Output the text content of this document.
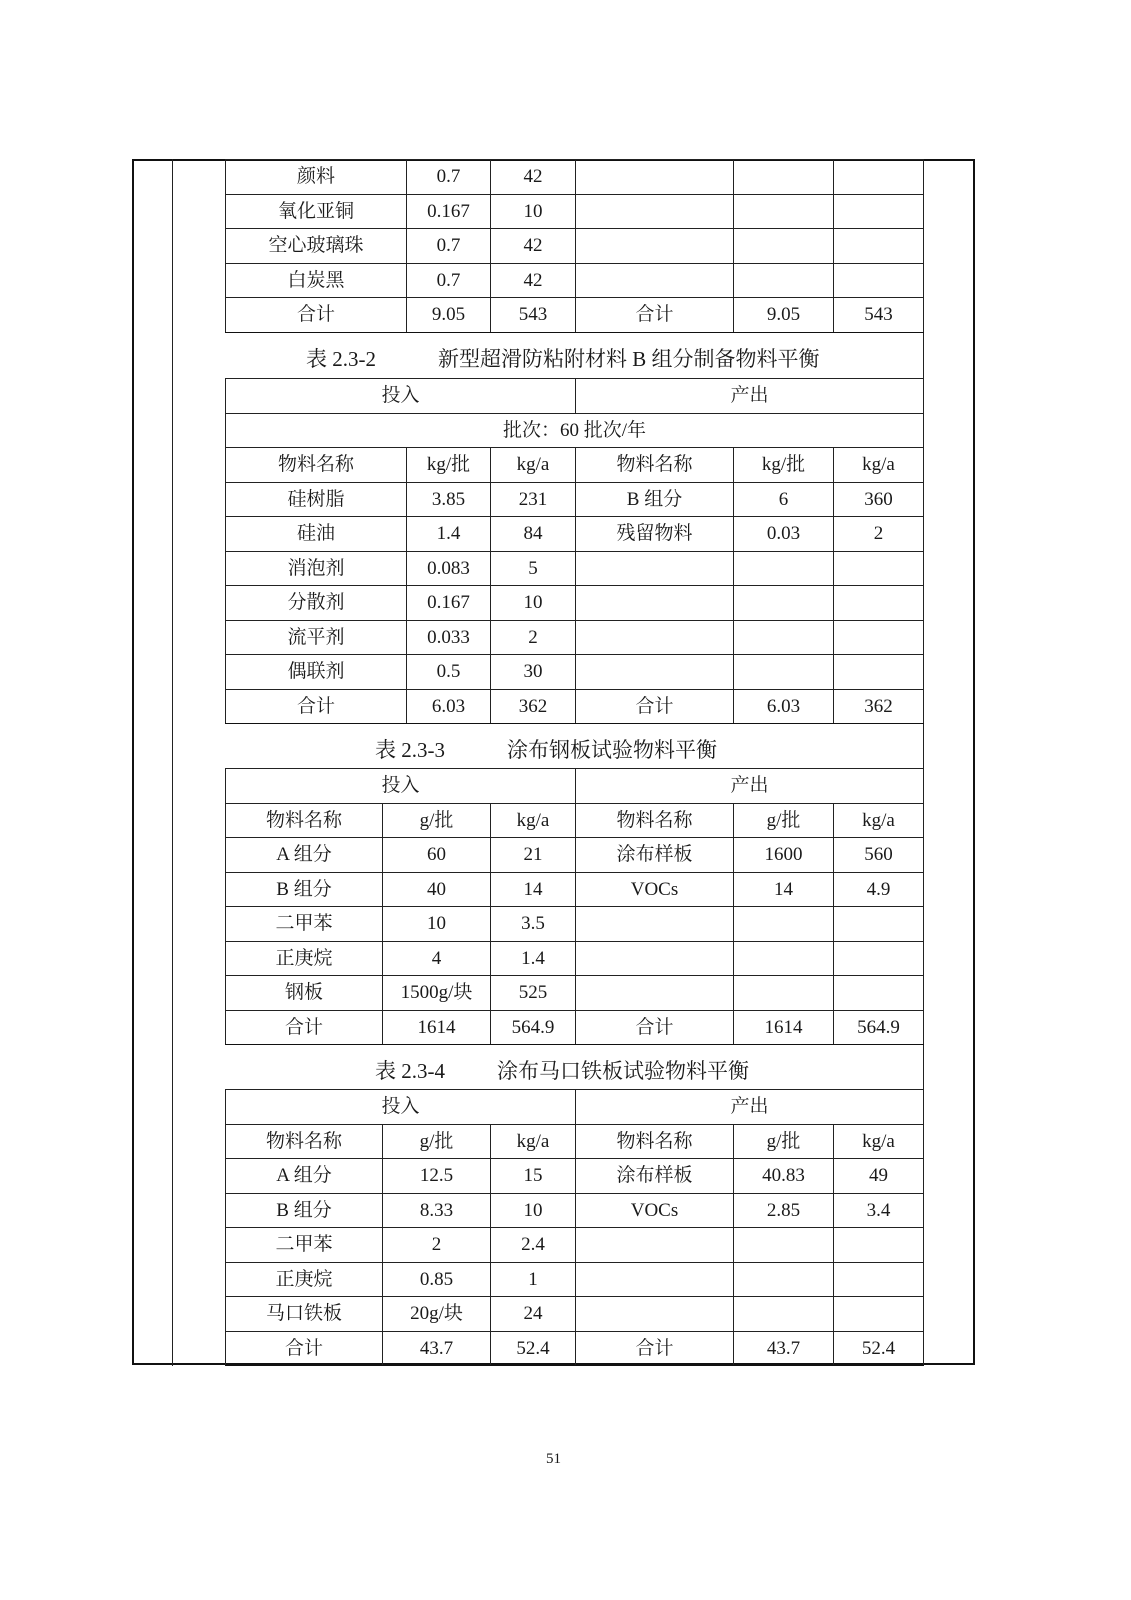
颜料	0.7	42			
氧化亚铜	0.167	10			
空心玻璃珠	0.7	42			
白炭黑	0.7	42			
合计	9.05	543	合计	9.05	543
表 2.3-2	新型超滑防粘附材料 B 组分制备物料平衡
投入			产出		
批次：60 批次/年					
物料名称	kg/批	kg/a	物料名称	kg/批	kg/a
硅树脂	3.85	231	B 组分	6	360
硅油	1.4	84	残留物料	0.03	2
消泡剂	0.083	5			
分散剂	0.167	10			
流平剂	0.033	2			
偶联剂	0.5	30			
合计	6.03	362	合计	6.03	362
表 2.3-3	涂布钢板试验物料平衡
投入			产出		
物料名称	g/批	kg/a	物料名称	g/批	kg/a
A 组分	60	21	涂布样板	1600	560
B 组分	40	14	VOCs	14	4.9
二甲苯	10	3.5			
正庚烷	4	1.4			
钢板	1500g/块	525			
合计	1614	564.9	合计	1614	564.9
表 2.3-4 涂布马口铁板试验物料平衡
投入			产出		
物料名称	g/批	kg/a	物料名称	g/批	kg/a
A 组分	12.5	15	涂布样板	40.83	49
B 组分	8.33	10	VOCs	2.85	3.4
二甲苯	2	2.4			
正庚烷	0.85	1			
马口铁板	20g/块	24			
合计	43.7	52.4	合计	43.7	52.4
51
